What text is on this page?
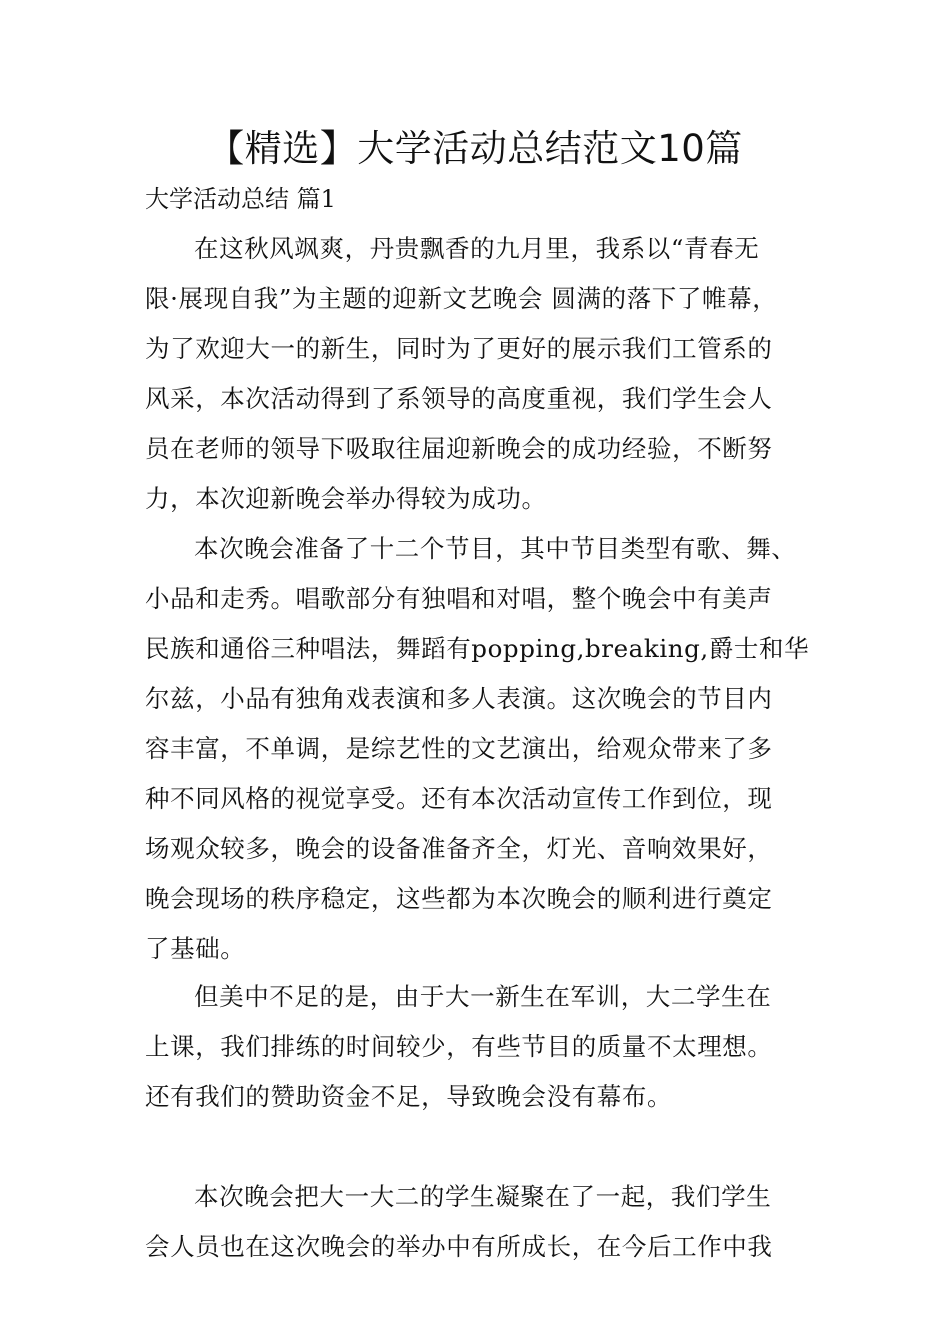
【精选】大学活动总结范文10篇
大学活动总结 篇1

在这秋风飒爽，丹贵飘香的九月里，我系以“青春无
限·展现自我”为主题的迎新文艺晚会 圆满的落下了帷幕，
为了欢迎大一的新生，同时为了更好的展示我们工管系的
风采，本次活动得到了系领导的高度重视，我们学生会人
员在老师的领导下吸取往届迎新晚会的成功经验，不断努
力，本次迎新晚会举办得较为成功。

本次晚会准备了十二个节目，其中节目类型有歌、舞、
小品和走秀。唱歌部分有独唱和对唱，整个晚会中有美声
民族和通俗三种唱法，舞蹈有popping,breaking,爵士和华
尔兹，小品有独角戏表演和多人表演。这次晚会的节目内
容丰富，不单调，是综艺性的文艺演出，给观众带来了多
种不同风格的视觉享受。还有本次活动宣传工作到位，现
场观众较多，晚会的设备准备齐全，灯光、音响效果好，
晚会现场的秩序稳定，这些都为本次晚会的顺利进行奠定
了基础。

但美中不足的是，由于大一新生在军训，大二学生在
上课，我们排练的时间较少，有些节目的质量不太理想。
还有我们的赞助资金不足，导致晚会没有幕布。

本次晚会把大一大二的学生凝聚在了一起，我们学生
会人员也在这次晚会的举办中有所成长，在今后工作中我
